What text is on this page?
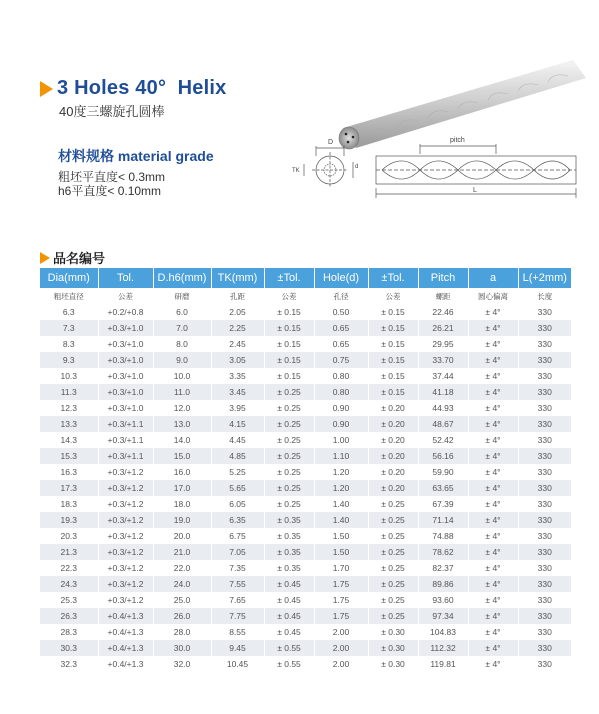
3 Holes 40°  Helix
40度三螺旋孔圆棒
材料规格 material grade
粗坯平直度< 0.3mm
h6平直度< 0.10mm
D
TK
d
pitch
L
品名编号
Dia(mm)	Tol.	D.h6(mm)	TK(mm)	±Tol.	Hole(d)	±Tol.	Pitch	a	L(+2mm)
粗坯直径	公差	研磨	孔距	公差	孔径	公差	螺距	圆心偏离	长度
6.3	+0.2/+0.8	6.0	2.05	± 0.15	0.50	± 0.15	22.46	± 4°	330
7.3	+0.3/+1.0	7.0	2.25	± 0.15	0.65	± 0.15	26.21	± 4°	330
8.3	+0.3/+1.0	8.0	2.45	± 0.15	0.65	± 0.15	29.95	± 4°	330
9.3	+0.3/+1.0	9.0	3.05	± 0.15	0.75	± 0.15	33.70	± 4°	330
10.3	+0.3/+1.0	10.0	3.35	± 0.15	0.80	± 0.15	37.44	± 4°	330
11.3	+0.3/+1.0	11.0	3.45	± 0.25	0.80	± 0.15	41.18	± 4°	330
12.3	+0.3/+1.0	12.0	3.95	± 0.25	0.90	± 0.20	44.93	± 4°	330
13.3	+0.3/+1.1	13.0	4.15	± 0.25	0.90	± 0.20	48.67	± 4°	330
14.3	+0.3/+1.1	14.0	4.45	± 0.25	1.00	± 0.20	52.42	± 4°	330
15.3	+0.3/+1.1	15.0	4.85	± 0.25	1.10	± 0.20	56.16	± 4°	330
16.3	+0.3/+1.2	16.0	5.25	± 0.25	1.20	± 0.20	59.90	± 4°	330
17.3	+0.3/+1.2	17.0	5.65	± 0.25	1.20	± 0.20	63.65	± 4°	330
18.3	+0.3/+1.2	18.0	6.05	± 0.25	1.40	± 0.25	67.39	± 4°	330
19.3	+0.3/+1.2	19.0	6.35	± 0.35	1.40	± 0.25	71.14	± 4°	330
20.3	+0.3/+1.2	20.0	6.75	± 0.35	1.50	± 0.25	74.88	± 4°	330
21.3	+0.3/+1.2	21.0	7.05	± 0.35	1.50	± 0.25	78.62	± 4°	330
22.3	+0.3/+1.2	22.0	7.35	± 0.35	1.70	± 0.25	82.37	± 4°	330
24.3	+0.3/+1.2	24.0	7.55	± 0.45	1.75	± 0.25	89.86	± 4°	330
25.3	+0.3/+1.2	25.0	7.65	± 0.45	1.75	± 0.25	93.60	± 4°	330
26.3	+0.4/+1.3	26.0	7.75	± 0.45	1.75	± 0.25	97.34	± 4°	330
28.3	+0.4/+1.3	28.0	8.55	± 0.45	2.00	± 0.30	104.83	± 4°	330
30.3	+0.4/+1.3	30.0	9.45	± 0.55	2.00	± 0.30	112.32	± 4°	330
32.3	+0.4/+1.3	32.0	10.45	± 0.55	2.00	± 0.30	119.81	± 4°	330
